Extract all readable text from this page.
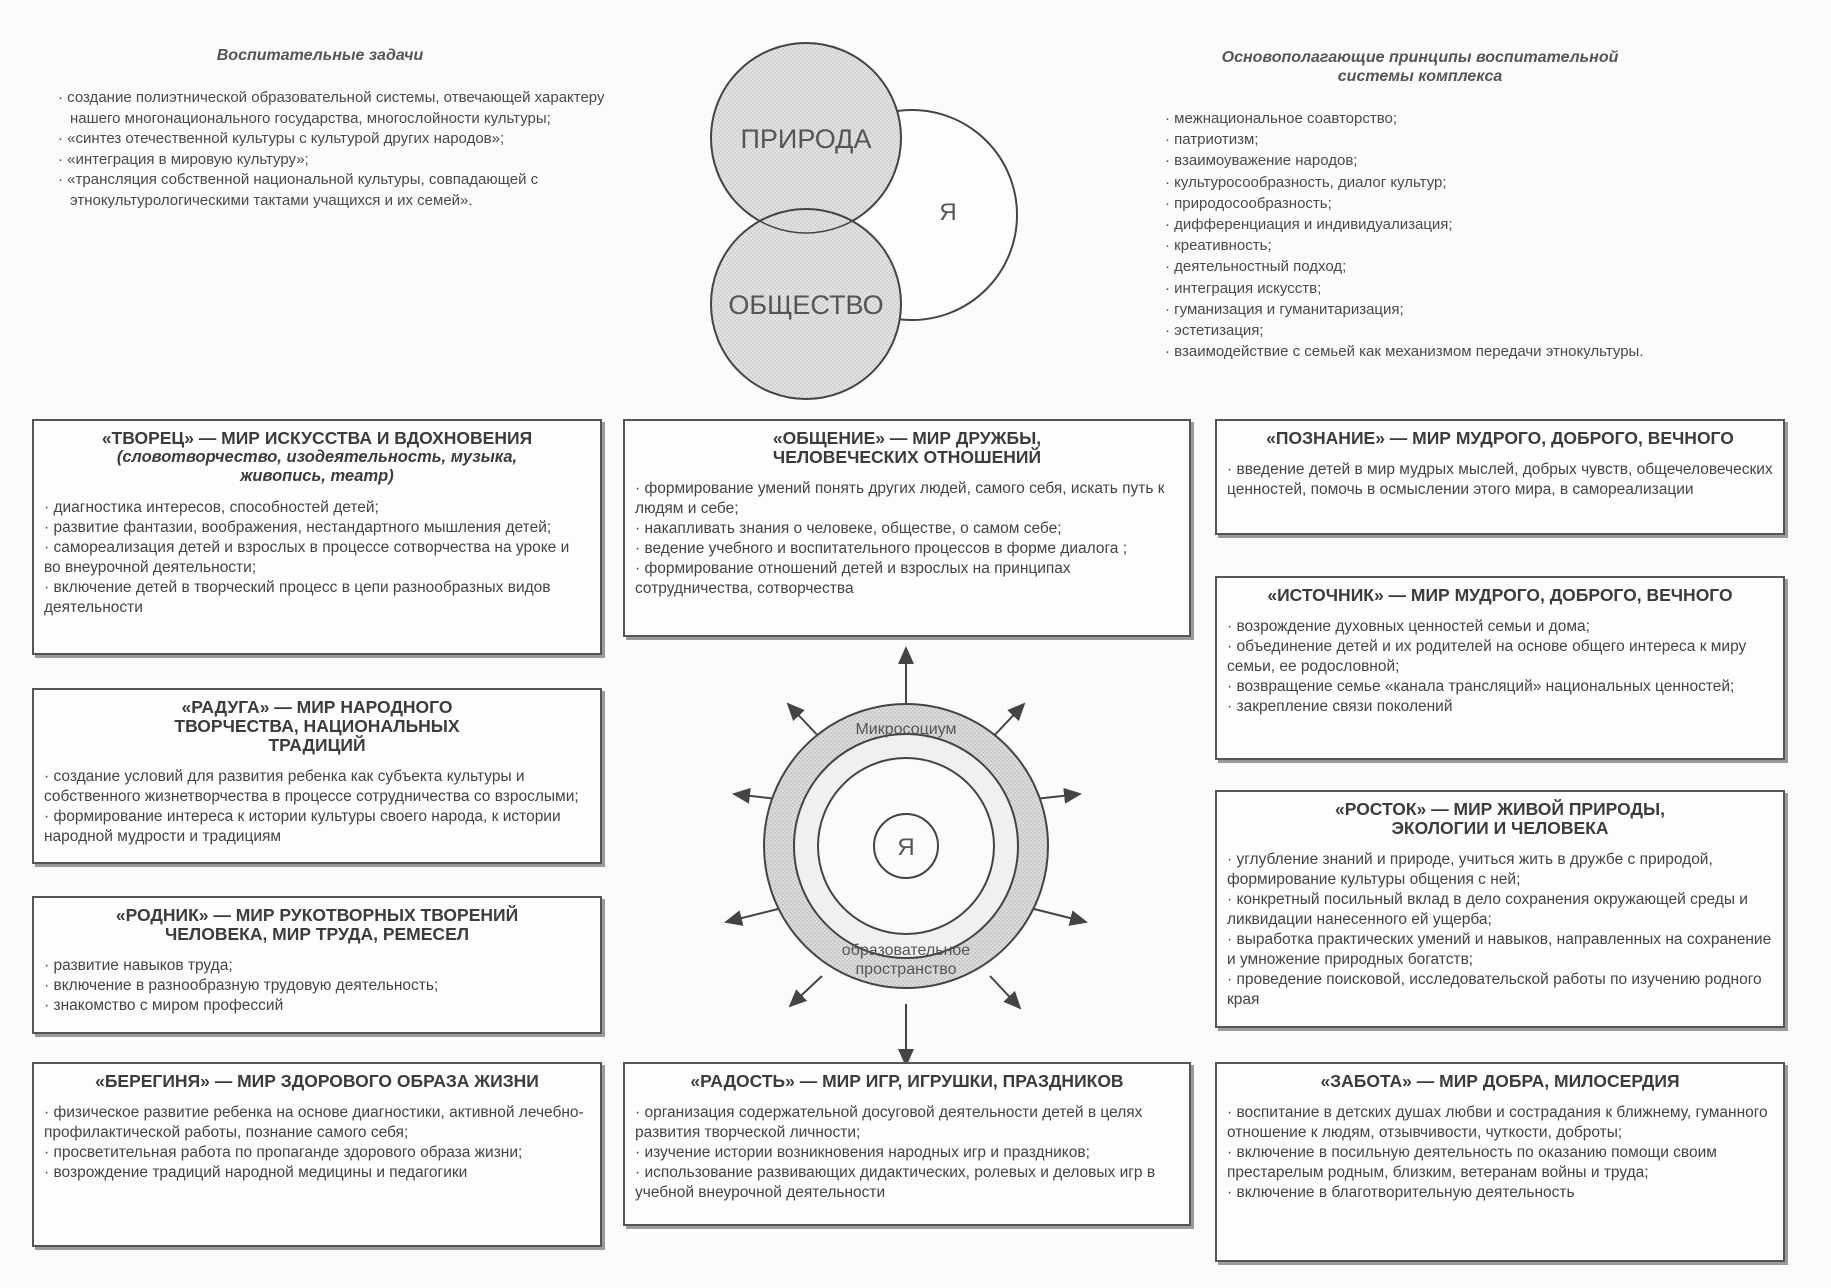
Воспитательные задачи
· создание полиэтнической образовательной системы, отвечающей характеру нашего многонационального государства, многослойности культуры;
· «синтез отечественной культуры с культурой других народов»;
· «интеграция в мировую культуру»;
· «трансляция собственной национальной культуры, совпадающей с этнокультурологическими тактами учащихся и их семей».
Основополагающие принципы воспитательной системы комплекса
· межнациональное соавторство;
· патриотизм;
· взаимоуважение народов;
· культуросообразность, диалог культур;
· природосообразность;
· дифференциация и индивидуализация;
· креативность;
· деятельностный подход;
· интеграция искусств;
· гуманизация и гуманитаризация;
· эстетизация;
· взаимодействие с семьей как механизмом передачи этнокультуры.
ПРИРОДА
ОБЩЕСТВО
Я
Микросоциум
образовательное
пространство
Я
«ТВОРЕЦ» — МИР ИСКУССТВА И ВДОХНОВЕНИЯ
(словотворчество, изодеятельность, музыка, живопись, театр)
· диагностика интересов, способностей детей;
· развитие фантазии, воображения, нестандартного мышления детей;
· самореализация детей и взрослых в процессе сотворчества на уроке и во внеурочной деятельности;
· включение детей в творческий процесс в цепи разнообразных видов деятельности
«РАДУГА» — МИР НАРОДНОГО ТВОРЧЕСТВА, НАЦИОНАЛЬНЫХ ТРАДИЦИЙ
· создание условий для развития ребенка как субъекта культуры и собственного жизнетворчества в процессе сотрудничества со взрослыми;
· формирование интереса к истории культуры своего народа, к истории народной мудрости и традициям
«РОДНИК» — МИР РУКОТВОРНЫХ ТВОРЕНИЙ ЧЕЛОВЕКА, МИР ТРУДА, РЕМЕСЕЛ
· развитие навыков труда;
· включение в разнообразную трудовую деятельность;
· знакомство с миром профессий
«БЕРЕГИНЯ» — МИР ЗДОРОВОГО ОБРАЗА ЖИЗНИ
· физическое развитие ребенка на основе диагностики, активной лечебно-профилактической работы, познание самого себя;
· просветительная работа по пропаганде здорового образа жизни;
· возрождение традиций народной медицины и педагогики
«ОБЩЕНИЕ» — МИР ДРУЖБЫ, ЧЕЛОВЕЧЕСКИХ ОТНОШЕНИЙ
· формирование умений понять других людей, самого себя, искать путь к людям и себе;
· накапливать знания о человеке, обществе, о самом себе;
· ведение учебного и воспитательного процессов в форме диалога ;
· формирование отношений детей и взрослых на принципах сотрудничества, сотворчества
«РАДОСТЬ» — МИР ИГР, ИГРУШКИ, ПРАЗДНИКОВ
· организация содержательной досуговой деятельности детей в целях развития творческой личности;
· изучение истории возникновения народных игр и праздников;
· использование развивающих дидактических, ролевых и деловых игр в учебной внеурочной деятельности
«ПОЗНАНИЕ» — МИР МУДРОГО, ДОБРОГО, ВЕЧНОГО
· введение детей в мир мудрых мыслей, добрых чувств, общечеловеческих ценностей, помочь в осмыслении этого мира, в самореализации
«ИСТОЧНИК» — МИР МУДРОГО, ДОБРОГО, ВЕЧНОГО
· возрождение духовных ценностей семьи и дома;
· объединение детей и их родителей на основе общего интереса к миру семьи, ее родословной;
· возвращение семье «канала трансляций» национальных ценностей;
· закрепление связи поколений
«РОСТОК» — МИР ЖИВОЙ ПРИРОДЫ, ЭКОЛОГИИ И ЧЕЛОВЕКА
· углубление знаний и природе, учиться жить в дружбе с природой, формирование культуры общения с ней;
· конкретный посильный вклад в дело сохранения окружающей среды и ликвидации нанесенного ей ущерба;
· выработка практических умений и навыков, направленных на сохранение и умножение природных богатств;
· проведение поисковой, исследовательской работы по изучению родного края
«ЗАБОТА» — МИР ДОБРА, МИЛОСЕРДИЯ
· воспитание в детских душах любви и сострадания к ближнему, гуманного отношение к людям, отзывчивости, чуткости, доброты;
· включение в посильную деятельность по оказанию помощи своим престарелым родным, близким, ветеранам войны и труда;
· включение в благотворительную деятельность
